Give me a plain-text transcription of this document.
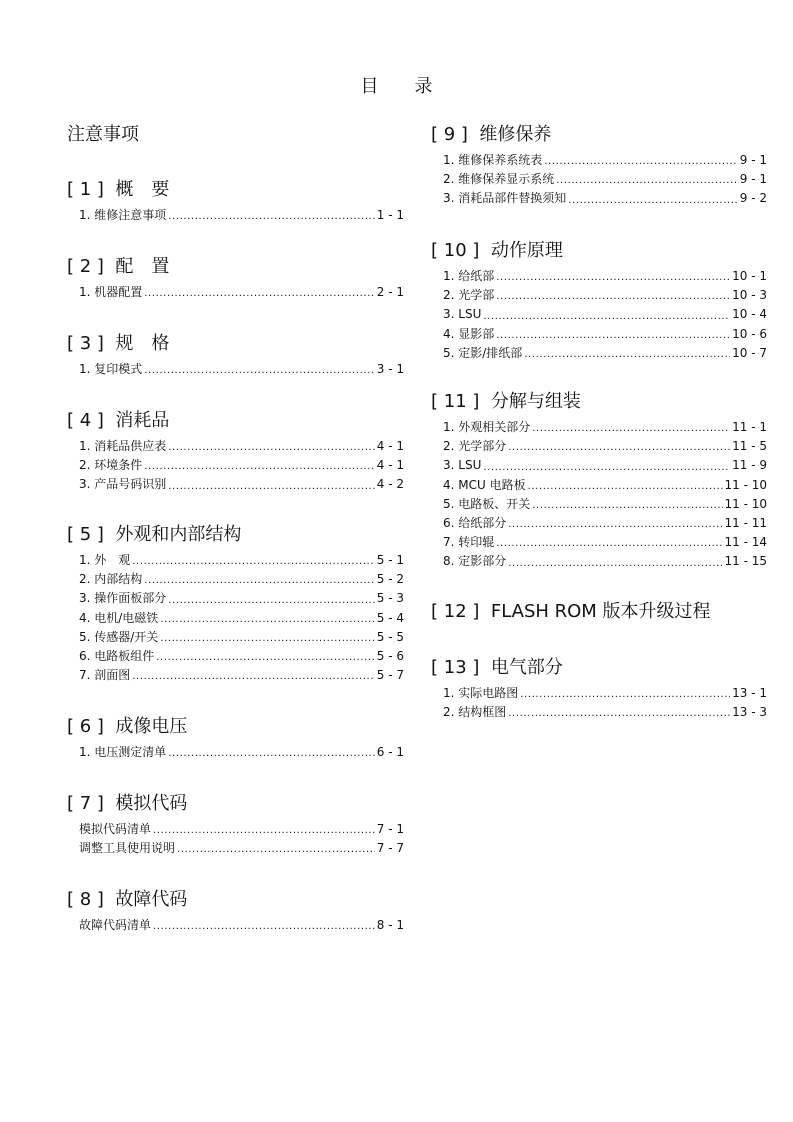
目　　录
注意事项
[ 1 ]  概　要
1. 维修注意事项 .....	1 - 1
[ 2 ]  配　置
1. 机器配置 .....	2 - 1
[ 3 ]  规　格
1. 复印模式 .....	3 - 1
[ 4 ]  消耗品
1. 消耗品供应表 .....	4 - 1
2. 环境条件 .....	4 - 1
3. 产品号码识别 .....	4 - 2
[ 5 ]  外观和内部结构
1. 外　观 .....	5 - 1
2. 内部结构 .....	5 - 2
3. 操作面板部分 .....	5 - 3
4. 电机/电磁铁 .....	5 - 4
5. 传感器/开关 .....	5 - 5
6. 电路板组件 .....	5 - 6
7. 剖面图 .....	5 - 7
[ 6 ]  成像电压
1. 电压测定清单 .....	6 - 1
[ 7 ]  模拟代码
模拟代码清单 .....	7 - 1
调整工具使用说明 .....	7 - 7
[ 8 ]  故障代码
故障代码清单 .....	8 - 1
[ 9 ]  维修保养
1. 维修保养系统表 .....	9 - 1
2. 维修保养显示系统 .....	9 - 1
3. 消耗品部件替换须知 .....	9 - 2
[ 10 ]  动作原理
1. 给纸部 .....	10 - 1
2. 光学部 .....	10 - 3
3. LSU .....	10 - 4
4. 显影部 .....	10 - 6
5. 定影/排纸部 .....	10 - 7
[ 11 ]  分解与组装
1. 外观相关部分 .....	11 - 1
2. 光学部分 .....	11 - 5
3. LSU .....	11 - 9
4. MCU 电路板 .....	11 - 10
5. 电路板、开关 .....	11 - 10
6. 给纸部分 .....	11 - 11
7. 转印辊 .....	11 - 14
8. 定影部分 .....	11 - 15
[ 12 ]  FLASH ROM 版本升级过程
[ 13 ]  电气部分
1. 实际电路图 .....	13 - 1
2. 结构框图 .....	13 - 3
